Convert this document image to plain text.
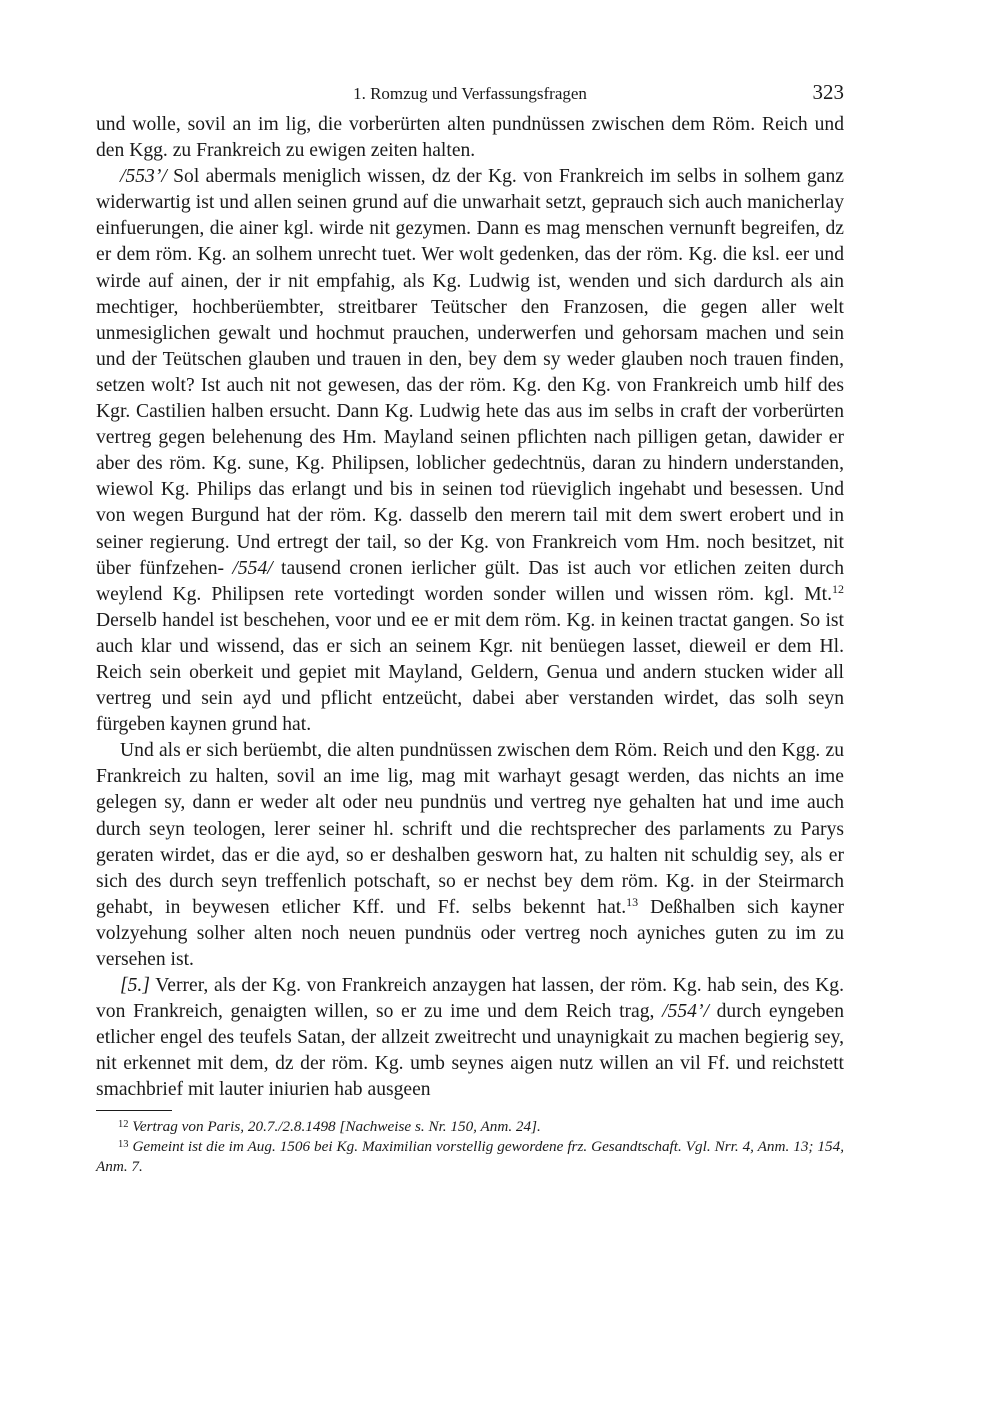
1. Romzug und Verfassungsfragen	323

und wolle, sovil an im lig, die vorberürten alten pundnüssen zwischen dem Röm. Reich und den Kgg. zu Frankreich zu ewigen zeiten halten.

/553’/ Sol abermals meniglich wissen, dz der Kg. von Frankreich im selbs in solhem ganz widerwartig ist und allen seinen grund auf die unwarhait setzt, geprauch sich auch manicherlay einfuerungen, die ainer kgl. wirde nit gezymen. Dann es mag menschen vernunft begreifen, dz er dem röm. Kg. an solhem unrecht tuet. Wer wolt gedenken, das der röm. Kg. die ksl. eer und wirde auf ainen, der ir nit empfahig, als Kg. Ludwig ist, wenden und sich dardurch als ain mechtiger, hochberüembter, streitbarer Teütscher den Franzosen, die gegen aller welt unmesiglichen gewalt und hochmut prauchen, underwerfen und gehorsam machen und sein und der Teütschen glauben und trauen in den, bey dem sy weder glauben noch trauen finden, setzen wolt? Ist auch nit not gewesen, das der röm. Kg. den Kg. von Frankreich umb hilf des Kgr. Castilien halben ersucht. Dann Kg. Ludwig hete das aus im selbs in craft der vorberürten vertreg gegen belehenung des Hm. Mayland seinen pflichten nach pilligen getan, dawider er aber des röm. Kg. sune, Kg. Philipsen, loblicher gedechtnüs, daran zu hindern understanden, wiewol Kg. Philips das erlangt und bis in seinen tod rüeviglich ingehabt und besessen. Und von wegen Burgund hat der röm. Kg. dasselb den merern tail mit dem swert erobert und in seiner regierung. Und ertregt der tail, so der Kg. von Frankreich vom Hm. noch besitzet, nit über fünfzehen- /554/ tausend cronen ierlicher gült. Das ist auch vor etlichen zeiten durch weylend Kg. Philipsen rete vortedingt worden sonder willen und wissen röm. kgl. Mt.$^{12}$ Derselb handel ist beschehen, voor und ee er mit dem röm. Kg. in keinen tractat gangen. So ist auch klar und wissend, das er sich an seinem Kgr. nit benüegen lasset, dieweil er dem Hl. Reich sein oberkeit und gepiet mit Mayland, Geldern, Genua und andern stucken wider all vertreg und sein ayd und pflicht entzeücht, dabei aber verstanden wirdet, das solh seyn fürgeben kaynen grund hat.

Und als er sich berüembt, die alten pundnüssen zwischen dem Röm. Reich und den Kgg. zu Frankreich zu halten, sovil an ime lig, mag mit warhayt gesagt werden, das nichts an ime gelegen sy, dann er weder alt oder neu pundnüs und vertreg nye gehalten hat und ime auch durch seyn teologen, lerer seiner hl. schrift und die rechtsprecher des parlaments zu Parys geraten wirdet, das er die ayd, so er deshalben gesworn hat, zu halten nit schuldig sey, als er sich des durch seyn treffenlich potschaft, so er nechst bey dem röm. Kg. in der Steirmarch gehabt, in beywesen etlicher Kff. und Ff. selbs bekennt hat.$^{13}$ Deßhalben sich kayner volzyehung solher alten noch neuen pundnüs oder vertreg noch ayniches guten zu im zu versehen ist.

[5.] Verrer, als der Kg. von Frankreich anzaygen hat lassen, der röm. Kg. hab sein, des Kg. von Frankreich, genaigten willen, so er zu ime und dem Reich trag, /554’/ durch eyngeben etlicher engel des teufels Satan, der allzeit zweitrecht und unaynigkait zu machen begierig sey, nit erkennet mit dem, dz der röm. Kg. umb seynes aigen nutz willen an vil Ff. und reichstett smachbrief mit lauter iniurien hab ausgeen

$^{12}$ Vertrag von Paris, 20.7./2.8.1498 [Nachweise s. Nr. 150, Anm. 24].

$^{13}$ Gemeint ist die im Aug. 1506 bei Kg. Maximilian vorstellig gewordene frz. Gesandtschaft. Vgl. Nrr. 4, Anm. 13; 154, Anm. 7.
